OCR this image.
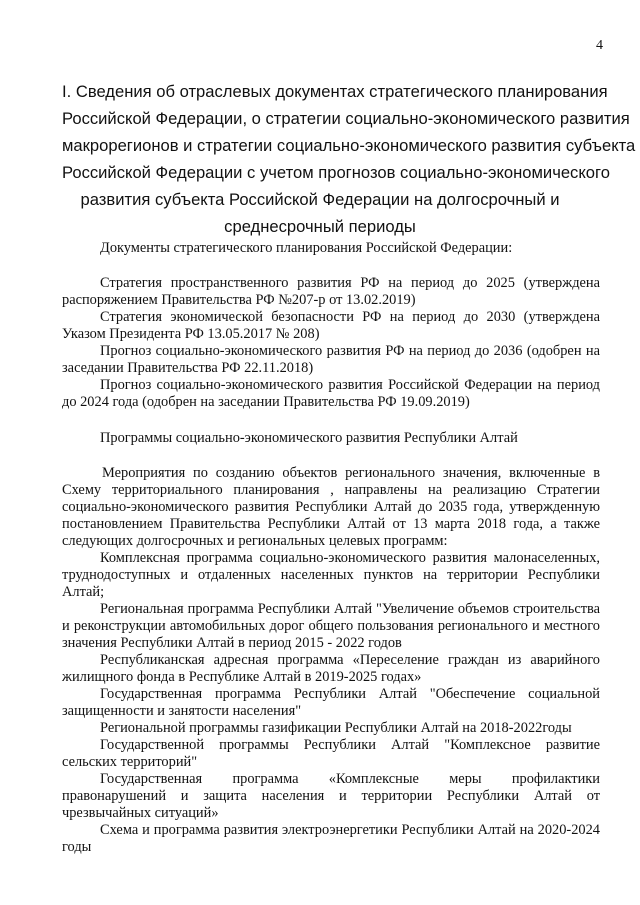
4
I. Сведения об отраслевых документах стратегического планирования
Российской Федерации, о стратегии социально-экономического развития
макрорегионов и стратегии социально-экономического развития субъекта
Российской Федерации с учетом прогнозов социально-экономического
развития субъекта Российской Федерации на долгосрочный и
среднесрочный периоды
Документы стратегического планирования Российской Федерации:

Стратегия пространственного развития РФ на период до 2025 (утверждена распоряжением Правительства РФ №207-р от 13.02.2019)

Стратегия экономической безопасности РФ на период до 2030 (утверждена Указом Президента РФ 13.05.2017 № 208)

Прогноз социально-экономического развития РФ на период до 2036 (одобрен на заседании Правительства РФ 22.11.2018)

Прогноз социально-экономического развития Российской Федерации на период до 2024 года (одобрен на заседании Правительства РФ 19.09.2019)

Программы социально-экономического развития Республики Алтай

Мероприятия по созданию объектов регионального значения, включенные в Схему территориального планирования , направлены на реализацию Стратегии социально-экономического развития Республики Алтай до 2035 года, утвержденную постановлением Правительства Республики Алтай от 13 марта 2018 года, а также следующих долгосрочных и региональных целевых программ:

Комплексная программа социально-экономического развития малонаселенных, труднодоступных и отдаленных населенных пунктов на территории Республики Алтай;

Региональная программа Республики Алтай "Увеличение объемов строительства и реконструкции автомобильных дорог общего пользования регионального и местного значения Республики Алтай в период 2015 - 2022 годов

Республиканская адресная программа «Переселение граждан из аварийного жилищного фонда в Республике Алтай в 2019-2025 годах»

Государственная программа Республики Алтай "Обеспечение социальной защищенности и занятости населения"

Региональной программы газификации Республики Алтай на 2018-2022годы

Государственной программы Республики Алтай "Комплексное развитие сельских территорий"

Государственная программа «Комплексные меры профилактики правонарушений и защита населения и территории Республики Алтай от чрезвычайных ситуаций»

Схема и программа развития электроэнергетики Республики Алтай на 2020-2024 годы
